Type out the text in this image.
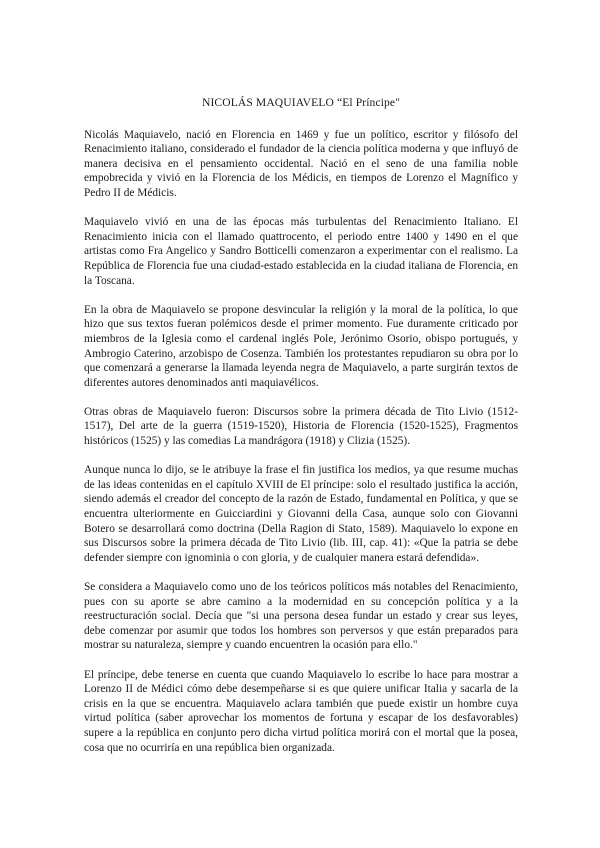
NICOLÁS MAQUIAVELO “El Príncipe"

Nicolás Maquiavelo, nació en Florencia en 1469 y fue un político, escritor y filósofo del Renacimiento italiano, considerado el fundador de la ciencia política moderna y que influyó de manera decisiva en el pensamiento occidental. Nació en el seno de una familia noble empobrecida y vivió en la Florencia de los Médicis, en tiempos de Lorenzo el Magnífico y Pedro II de Médicis.

Maquiavelo vivió en una de las épocas más turbulentas del Renacimiento Italiano. El Renacimiento inicia con el llamado quattrocento, el periodo entre 1400 y 1490 en el que artistas como Fra Angelico y Sandro Botticelli comenzaron a experimentar con el realismo. La República de Florencia fue una ciudad-estado establecida en la ciudad italiana de Florencia, en la Toscana.

En la obra de Maquiavelo se propone desvincular la religión y la moral de la política, lo que hizo que sus textos fueran polémicos desde el primer momento. Fue duramente criticado por miembros de la Iglesia como el cardenal inglés Pole, Jerónimo Osorio, obispo portugués, y Ambrogio Caterino, arzobispo de Cosenza. También los protestantes repudiaron su obra por lo que comenzará a generarse la llamada leyenda negra de Maquiavelo, a parte surgirán textos de diferentes autores denominados anti maquiavélicos.

Otras obras de Maquiavelo fueron: Discursos sobre la primera década de Tito Livio (1512-1517), Del arte de la guerra (1519-1520), Historia de Florencia (1520-1525), Fragmentos históricos (1525) y las comedias La mandrágora (1918) y Clizia (1525).

Aunque nunca lo dijo, se le atribuye la frase el fin justifica los medios, ya que resume muchas de las ideas contenidas en el capítulo XVIII de El príncipe: solo el resultado justifica la acción, siendo además el creador del concepto de la razón de Estado, fundamental en Política, y que se encuentra ulteriormente en Guicciardini y Giovanni della Casa, aunque solo con Giovanni Botero se desarrollará como doctrina (Della Ragion di Stato, 1589). Maquiavelo lo expone en sus Discursos sobre la primera década de Tito Livio (lib. III, cap. 41): «Que la patria se debe defender siempre con ignominia o con gloria, y de cualquier manera estará defendida».

Se considera a Maquiavelo como uno de los teóricos políticos más notables del Renacimiento, pues con su aporte se abre camino a la modernidad en su concepción política y a la reestructuración social. Decía que "si una persona desea fundar un estado y crear sus leyes, debe comenzar por asumir que todos los hombres son perversos y que están preparados para mostrar su naturaleza, siempre y cuando encuentren la ocasión para ello."

El príncipe, debe tenerse en cuenta que cuando Maquiavelo lo escribe lo hace para mostrar a Lorenzo II de Médici cómo debe desempeñarse si es que quiere unificar Italia y sacarla de la crisis en la que se encuentra. Maquiavelo aclara también que puede existir un hombre cuya virtud política (saber aprovechar los momentos de fortuna y escapar de los desfavorables) supere a la república en conjunto pero dicha virtud política morirá con el mortal que la posea, cosa que no ocurriría en una república bien organizada.
